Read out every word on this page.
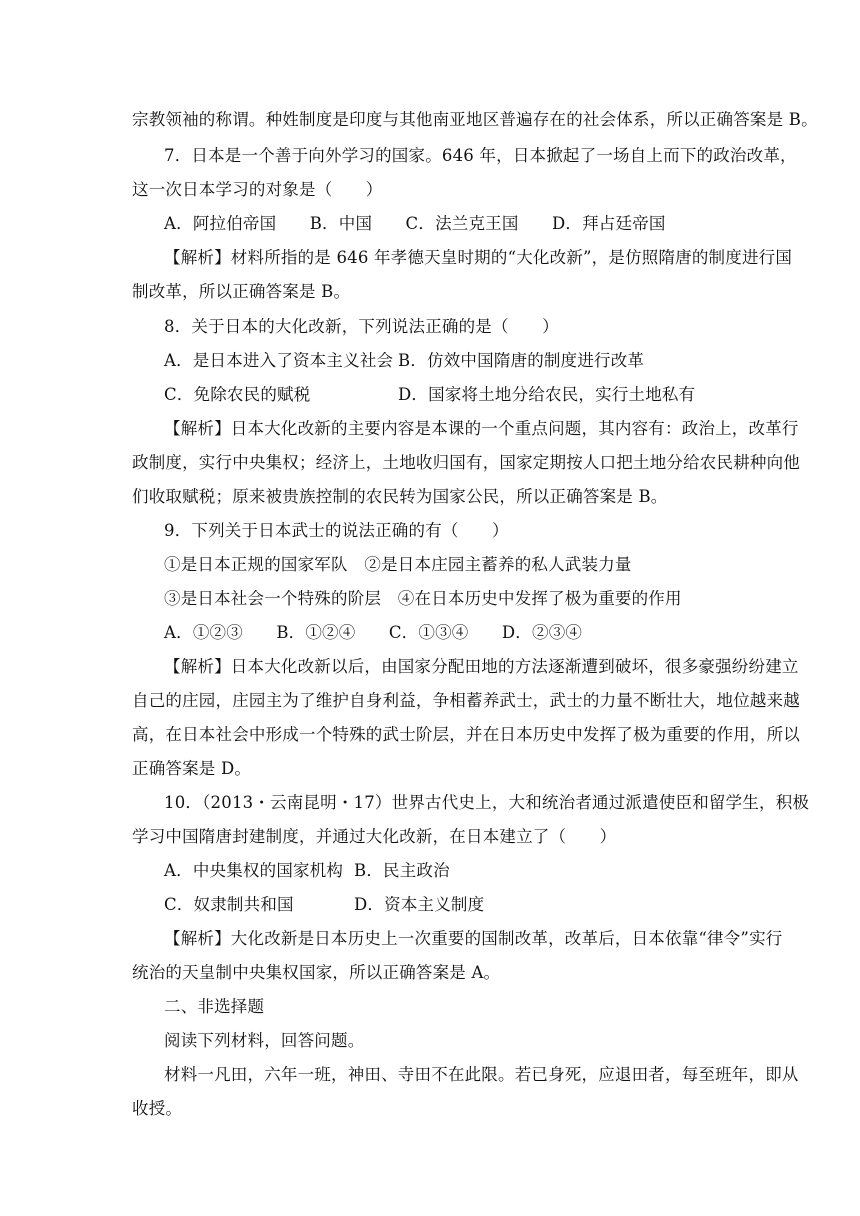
宗教领袖的称谓。种姓制度是印度与其他南亚地区普遍存在的社会体系，所以正确答案是 B。
7．日本是一个善于向外学习的国家。646 年，日本掀起了一场自上而下的政治改革，
这一次日本学习的对象是（　　）
A．阿拉伯帝国　　B．中国　　C．法兰克王国　　D．拜占廷帝国
【解析】材料所指的是 646 年孝德天皇时期的“大化改新”，是仿照隋唐的制度进行国
制改革，所以正确答案是 B。
8．关于日本的大化改新，下列说法正确的是（　　）
A．是日本进入了资本主义社会 B．仿效中国隋唐的制度进行改革
C．免除农民的赋税	D．国家将土地分给农民，实行土地私有
【解析】日本大化改新的主要内容是本课的一个重点问题，其内容有：政治上，改革行
政制度，实行中央集权；经济上，土地收归国有，国家定期按人口把土地分给农民耕种向他
们收取赋税；原来被贵族控制的农民转为国家公民，所以正确答案是 B。
9．下列关于日本武士的说法正确的有（　　）
①是日本正规的国家军队　②是日本庄园主蓄养的私人武装力量
③是日本社会一个特殊的阶层　④在日本历史中发挥了极为重要的作用
A．①②③　　B．①②④　　C．①③④　　D．②③④
【解析】日本大化改新以后，由国家分配田地的方法逐渐遭到破坏，很多豪强纷纷建立
自己的庄园，庄园主为了维护自身利益，争相蓄养武士，武士的力量不断壮大，地位越来越
高，在日本社会中形成一个特殊的武士阶层，并在日本历史中发挥了极为重要的作用，所以
正确答案是 D。
10．（2013・云南昆明・17）世界古代史上，大和统治者通过派遣使臣和留学生，积极
学习中国隋唐封建制度，并通过大化改新，在日本建立了（　　）
A．中央集权的国家机构 B．民主政治
C．奴隶制共和国	D．资本主义制度
【解析】大化改新是日本历史上一次重要的国制改革，改革后，日本依靠“律令”实行
统治的天皇制中央集权国家，所以正确答案是 A。
二、非选择题
阅读下列材料，回答问题。
材料一凡田，六年一班，神田、寺田不在此限。若已身死，应退田者，每至班年，即从
收授。
